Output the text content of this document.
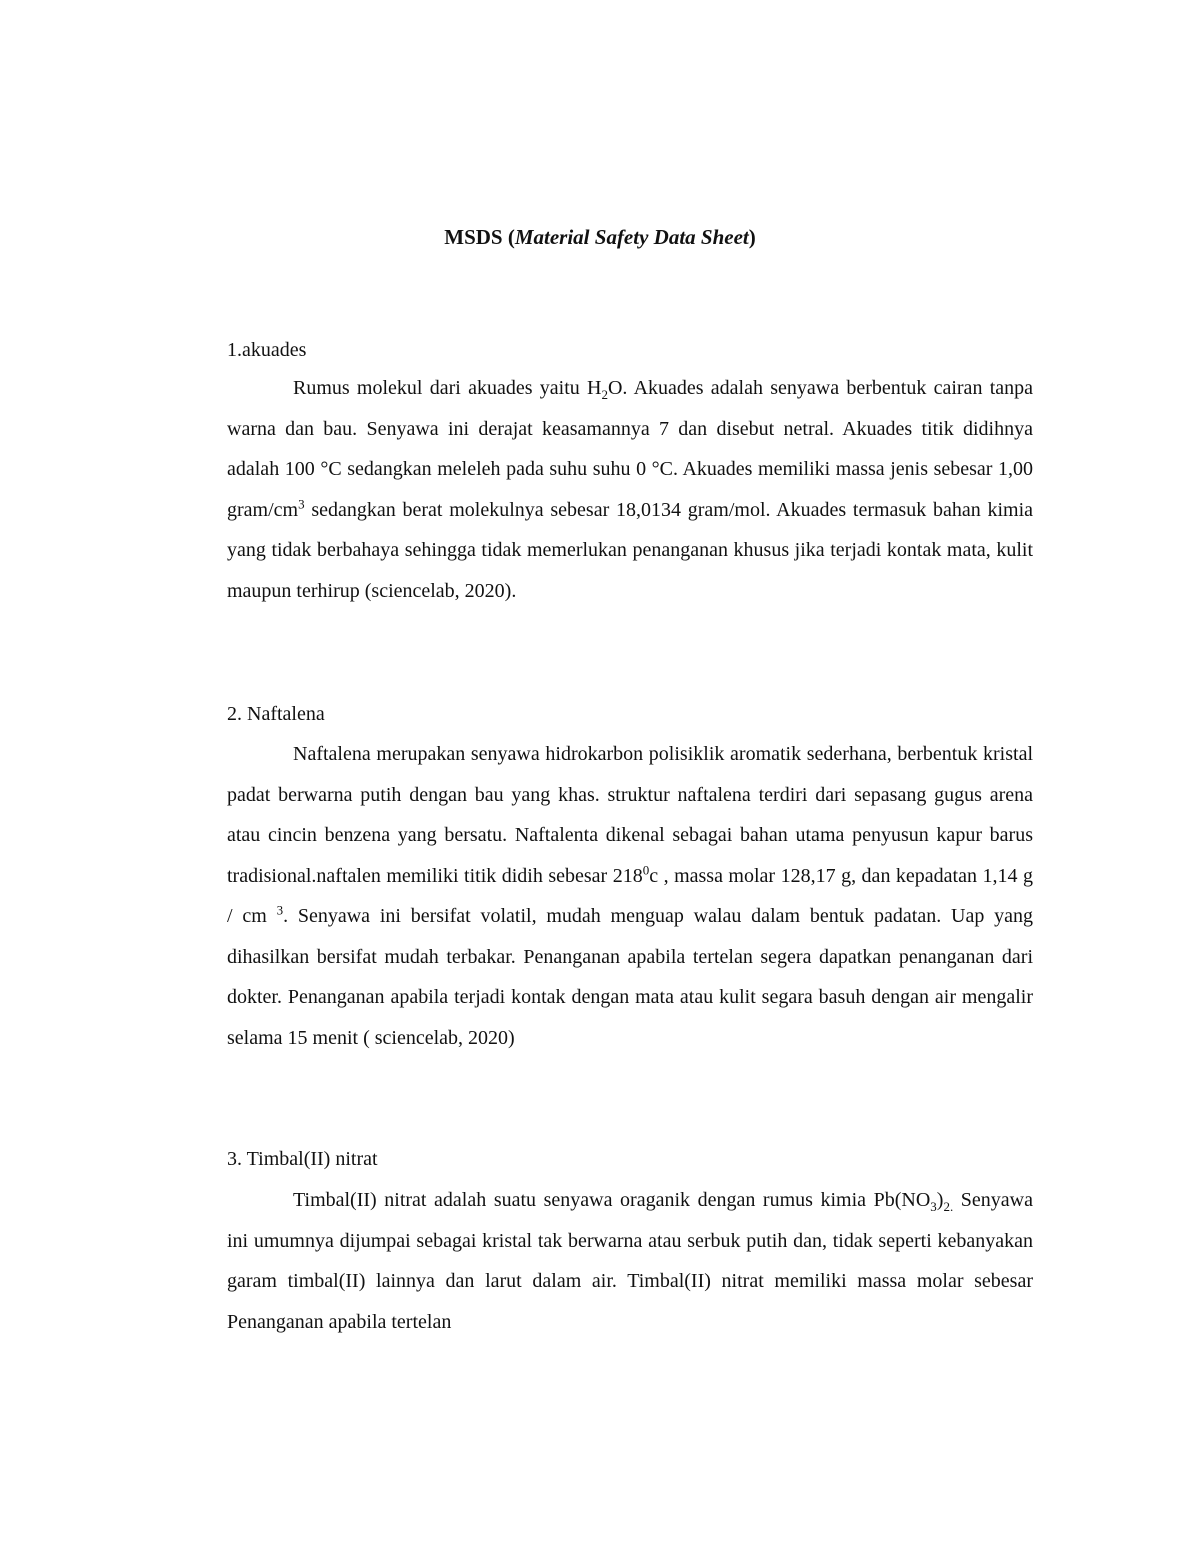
MSDS (Material Safety Data Sheet)
1.akuades

Rumus molekul dari akuades yaitu $H_2O$. Akuades adalah senyawa berbentuk cairan tanpa warna dan bau. Senyawa ini derajat keasamannya 7 dan disebut netral. Akuades titik didihnya adalah 100 °C sedangkan meleleh pada suhu suhu 0 °C. Akuades memiliki massa jenis sebesar 1,00 gram/$cm^3$ sedangkan berat molekulnya sebesar 18,0134 gram/mol. Akuades termasuk bahan kimia yang tidak berbahaya sehingga tidak memerlukan penanganan khusus jika terjadi kontak mata, kulit maupun terhirup (sciencelab, 2020).

2. Naftalena

Naftalena merupakan senyawa hidrokarbon polisiklik aromatik sederhana, berbentuk kristal padat berwarna putih dengan bau yang khas. struktur naftalena terdiri dari sepasang gugus arena atau cincin benzena yang bersatu. Naftalenta dikenal sebagai bahan utama penyusun kapur barus tradisional.naftalen memiliki titik didih sebesar $218^0c$ , massa molar 128,17 g, dan kepadatan 1,14 g / cm $^3$. Senyawa ini bersifat volatil, mudah menguap walau dalam bentuk padatan. Uap yang dihasilkan bersifat mudah terbakar. Penanganan apabila tertelan segera dapatkan penanganan dari dokter. Penanganan apabila terjadi kontak dengan mata atau kulit segara basuh dengan air mengalir selama 15 menit ( sciencelab, 2020)

3. Timbal(II) nitrat

Timbal(II) nitrat adalah suatu senyawa oraganik dengan rumus kimia $Pb(NO_3)_{2.}$ Senyawa ini umumnya dijumpai sebagai kristal tak berwarna atau serbuk putih dan, tidak seperti kebanyakan garam timbal(II) lainnya dan larut dalam air. Timbal(II) nitrat memiliki massa molar sebesar Penanganan apabila tertelan
